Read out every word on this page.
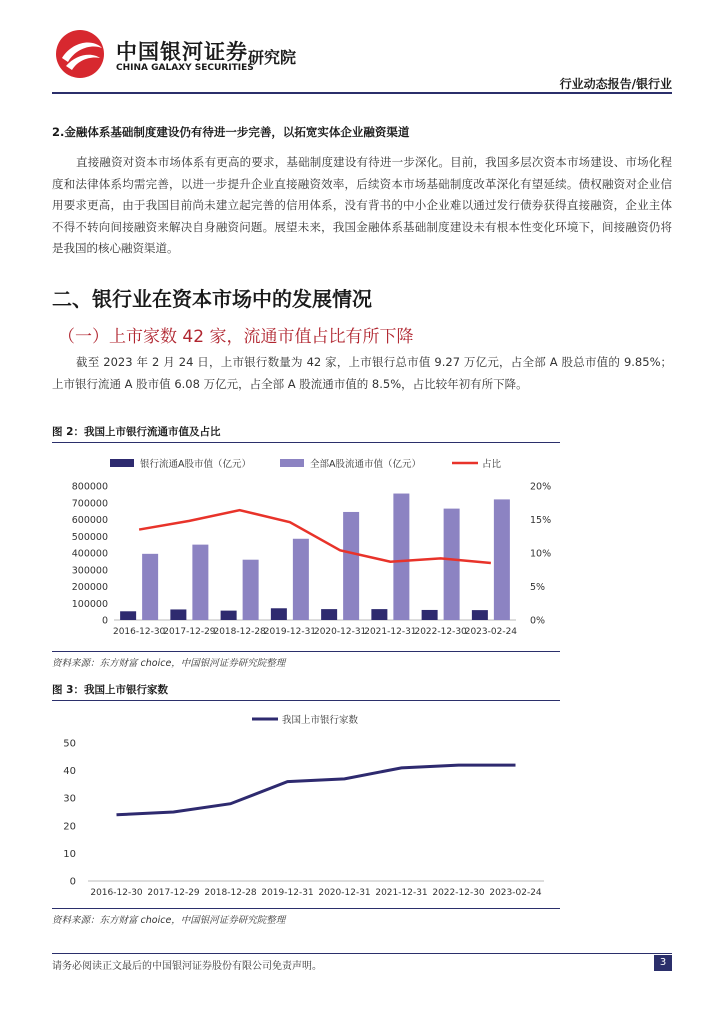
中国银河证券
CHINA GALAXY SECURITIES
研究院
行业动态报告/银行业
2.金融体系基础制度建设仍有待进一步完善，以拓宽实体企业融资渠道
直接融资对资本市场体系有更高的要求，基础制度建设有待进一步深化。目前，我国多层次资本市场建设、市场化程度和法律体系均需完善，以进一步提升企业直接融资效率，后续资本市场基础制度改革深化有望延续。债权融资对企业信用要求更高，由于我国目前尚未建立起完善的信用体系，没有背书的中小企业难以通过发行债券获得直接融资，企业主体不得不转向间接融资来解决自身融资问题。展望未来，我国金融体系基础制度建设未有根本性变化环境下，间接融资仍将是我国的核心融资渠道。
二、银行业在资本市场中的发展情况
（一）上市家数 42 家，流通市值占比有所下降
截至 2023 年 2 月 24 日，上市银行数量为 42 家，上市银行总市值 9.27 万亿元，占全部 A 股总市值的 9.85%；上市银行流通 A 股市值 6.08 万亿元，占全部 A 股流通市值的 8.5%，占比较年初有所下降。
图 2：我国上市银行流通市值及占比
银行流通A股市值（亿元）	全部A股流通市值（亿元）	占比
0
100000
200000
300000
400000
500000
600000
700000
800000
0%
5%
10%
15%
20%
2016-12-30
2017-12-29
2018-12-28
2019-12-31
2020-12-31
2021-12-31
2022-12-30
2023-02-24
资料来源：东方财富 choice，中国银河证券研究院整理
图 3：我国上市银行家数
我国上市银行家数
0
10
20
30
40
50
2016-12-30 2017-12-29 2018-12-28 2019-12-31 2020-12-31 2021-12-31 2022-12-30 2023-02-24
资料来源：东方财富 choice，中国银河证券研究院整理
请务必阅读正文最后的中国银河证券股份有限公司免责声明。	3
